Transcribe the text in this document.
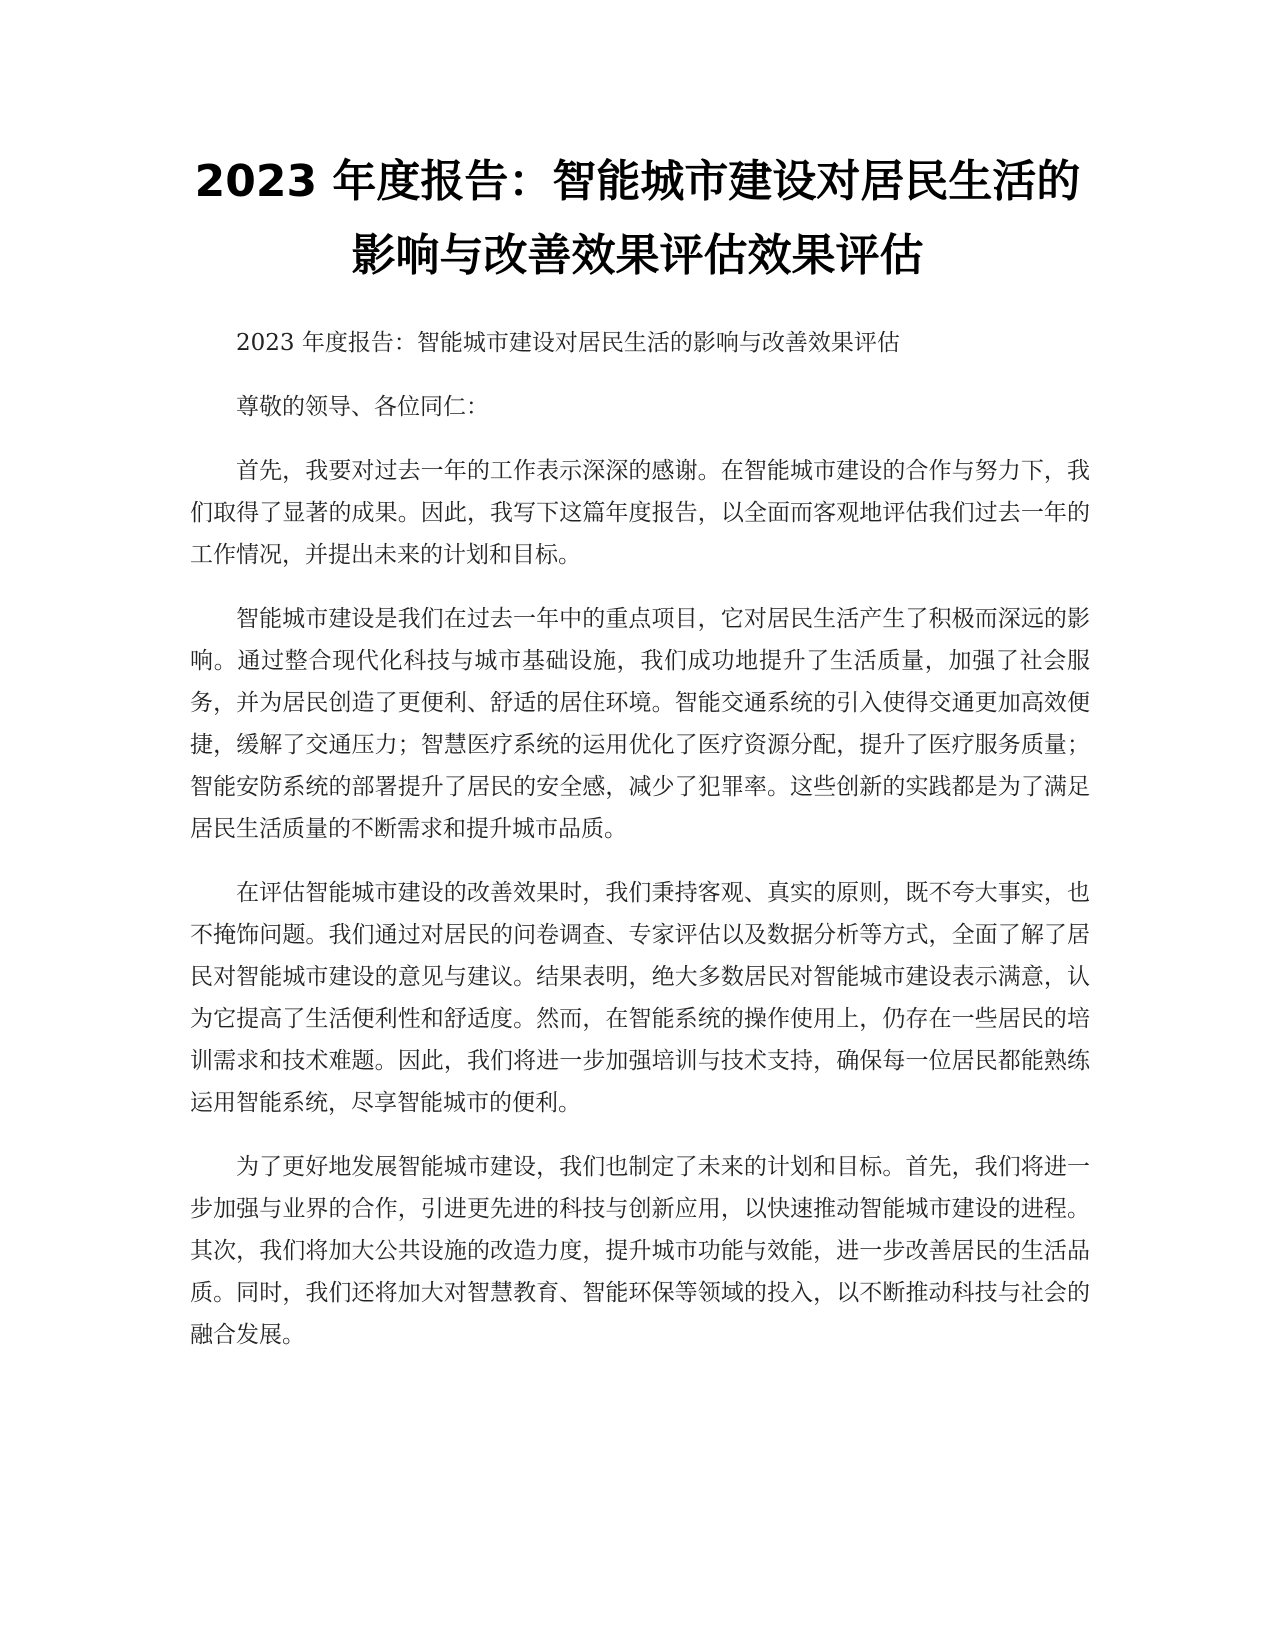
2023 年度报告：智能城市建设对居民生活的
影响与改善效果评估效果评估

2023 年度报告：智能城市建设对居民生活的影响与改善效果评估

尊敬的领导、各位同仁：

首先，我要对过去一年的工作表示深深的感谢。在智能城市建设的合作与努力下，我们取得了显著的成果。因此，我写下这篇年度报告，以全面而客观地评估我们过去一年的工作情况，并提出未来的计划和目标。

智能城市建设是我们在过去一年中的重点项目，它对居民生活产生了积极而深远的影响。通过整合现代化科技与城市基础设施，我们成功地提升了生活质量，加强了社会服务，并为居民创造了更便利、舒适的居住环境。智能交通系统的引入使得交通更加高效便捷，缓解了交通压力；智慧医疗系统的运用优化了医疗资源分配，提升了医疗服务质量；智能安防系统的部署提升了居民的安全感，减少了犯罪率。这些创新的实践都是为了满足居民生活质量的不断需求和提升城市品质。

在评估智能城市建设的改善效果时，我们秉持客观、真实的原则，既不夸大事实，也不掩饰问题。我们通过对居民的问卷调查、专家评估以及数据分析等方式，全面了解了居民对智能城市建设的意见与建议。结果表明，绝大多数居民对智能城市建设表示满意，认为它提高了生活便利性和舒适度。然而，在智能系统的操作使用上，仍存在一些居民的培训需求和技术难题。因此，我们将进一步加强培训与技术支持，确保每一位居民都能熟练运用智能系统，尽享智能城市的便利。

为了更好地发展智能城市建设，我们也制定了未来的计划和目标。首先，我们将进一步加强与业界的合作，引进更先进的科技与创新应用，以快速推动智能城市建设的进程。其次，我们将加大公共设施的改造力度，提升城市功能与效能，进一步改善居民的生活品质。同时，我们还将加大对智慧教育、智能环保等领域的投入，以不断推动科技与社会的融合发展。
